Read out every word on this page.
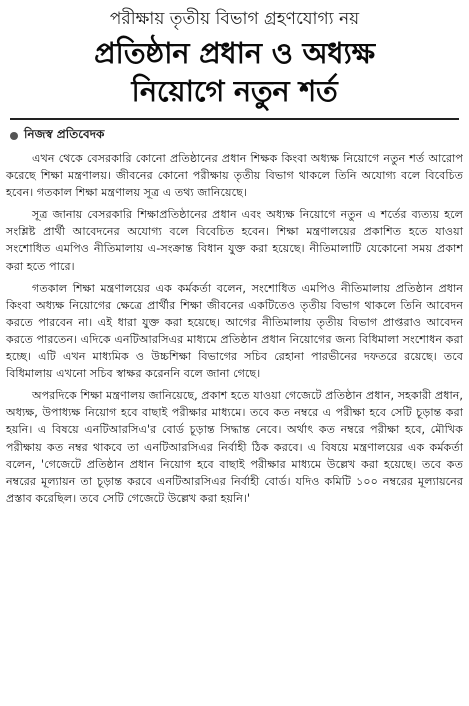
পরীক্ষায় তৃতীয় বিভাগ গ্রহণযোগ্য নয়
প্রতিষ্ঠান প্রধান ও অধ্যক্ষ
নিয়োগে নতুন শর্ত
নিজস্ব প্রতিবেদক

এখন থেকে বেসরকারি কোনো প্রতিষ্ঠানের প্রধান শিক্ষক কিংবা অধ্যক্ষ নিয়োগে নতুন শর্ত আরোপ করেছে শিক্ষা মন্ত্রণালয়। জীবনের কোনো পরীক্ষায় তৃতীয় বিভাগ থাকলে তিনি অযোগ্য বলে বিবেচিত হবেন। গতকাল শিক্ষা মন্ত্রণালয় সূত্র এ তথ্য জানিয়েছে।

সূত্র জানায় বেসরকারি শিক্ষাপ্রতিষ্ঠানের প্রধান এবং অধ্যক্ষ নিয়োগে নতুন এ শর্তের ব্যত্যয় হলে সংশ্লিষ্ট প্রার্থী আবেদনের অযোগ্য বলে বিবেচিত হবেন। শিক্ষা মন্ত্রণালয়ের প্রকাশিত হতে যাওয়া সংশোধিত এমপিও নীতিমালায় এ-সংক্রান্ত বিধান যুক্ত করা হয়েছে। নীতিমালাটি যেকোনো সময় প্রকাশ করা হতে পারে।

গতকাল শিক্ষা মন্ত্রণালয়ের এক কর্মকর্তা বলেন, সংশোধিত এমপিও নীতিমালায় প্রতিষ্ঠান প্রধান কিংবা অধ্যক্ষ নিয়োগের ক্ষেত্রে প্রার্থীর শিক্ষা জীবনের একটিতেও তৃতীয় বিভাগ থাকলে তিনি আবেদন করতে পারবেন না। এই ধারা যুক্ত করা হয়েছে। আগের নীতিমালায় তৃতীয় বিভাগ প্রাপ্তরাও আবেদন করতে পারতেন। এদিকে এনটিআরসিএর মাধ্যমে প্রতিষ্ঠান প্রধান নিয়োগের জন্য বিধিমালা সংশোধন করা হচ্ছে। এটি এখন মাধ্যমিক ও উচ্চশিক্ষা বিভাগের সচিব রেহানা পারভীনের দফতরে রয়েছে। তবে বিধিমালায় এখনো সচিব স্বাক্ষর করেননি বলে জানা গেছে।

অপরদিকে শিক্ষা মন্ত্রণালয় জানিয়েছে, প্রকাশ হতে যাওয়া গেজেটে প্রতিষ্ঠান প্রধান, সহকারী প্রধান, অধ্যক্ষ, উপাধ্যক্ষ নিয়োগ হবে বাছাই পরীক্ষার মাধ্যমে। তবে কত নম্বরে এ পরীক্ষা হবে সেটি চূড়ান্ত করা হয়নি। এ বিষয়ে এনটিআরসিএ'র বোর্ড চূড়ান্ত সিদ্ধান্ত নেবে। অর্থাৎ কত নম্বরে পরীক্ষা হবে, মৌখিক পরীক্ষায় কত নম্বর থাকবে তা এনটিআরসিএর নির্বাহী ঠিক করবে। এ বিষয়ে মন্ত্রণালয়ের এক কর্মকর্তা বলেন, 'গেজেটে প্রতিষ্ঠান প্রধান নিয়োগ হবে বাছাই পরীক্ষার মাধ্যমে উল্লেখ করা হয়েছে। তবে কত নম্বরের মূল্যায়ন তা চূড়ান্ত করবে এনটিআরসিএর নির্বাহী বোর্ড। যদিও কমিটি ১০০ নম্বরের মূল্যায়নের প্রস্তাব করেছিল। তবে সেটি গেজেটে উল্লেখ করা হয়নি।'
